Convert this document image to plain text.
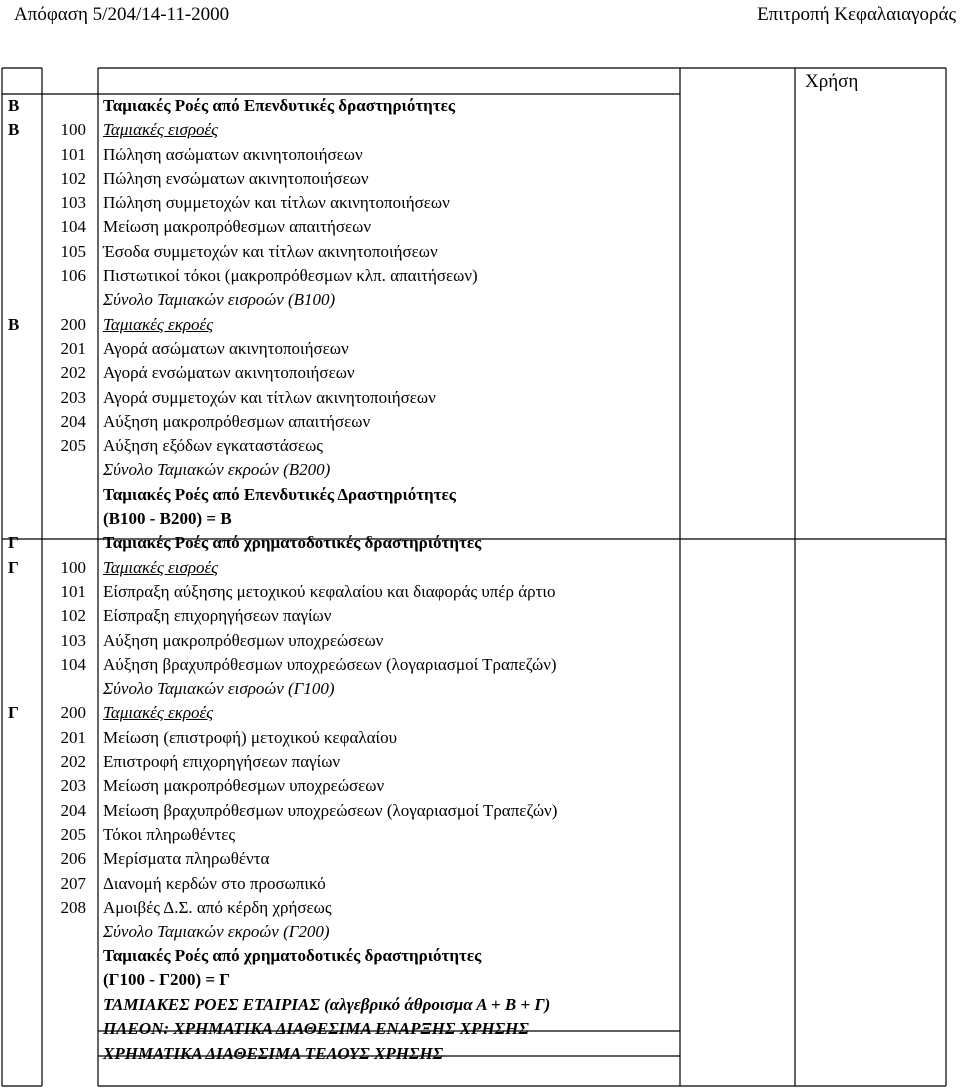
Απόφαση 5/204/14-11-2000	Επιτροπή Κεφαλαιαγοράς
Χρήση
Β	Ταμιακές Ροές από Επενδυτικές δραστηριότητες
Β	100 Ταμιακές εισροές
101 Πώληση ασώματων ακινητοποιήσεων
102 Πώληση ενσώματων ακινητοποιήσεων
103 Πώληση συμμετοχών και τίτλων ακινητοποιήσεων
104 Μείωση μακροπρόθεσμων απαιτήσεων
105 Έσοδα συμμετοχών και τίτλων ακινητοποιήσεων
106 Πιστωτικοί τόκοι (μακροπρόθεσμων κλπ. απαιτήσεων)
Σύνολο Ταμιακών εισροών (Β100)
Β	200 Ταμιακές εκροές
201 Αγορά ασώματων ακινητοποιήσεων
202 Αγορά ενσώματων ακινητοποιήσεων
203 Αγορά συμμετοχών και τίτλων ακινητοποιήσεων
204 Αύξηση μακροπρόθεσμων απαιτήσεων
205 Αύξηση εξόδων εγκαταστάσεως
Σύνολο Ταμιακών εκροών (Β200)
Ταμιακές Ροές από Επενδυτικές Δραστηριότητες
(Β100 - Β200) = Β
Γ	Ταμιακές Ροές από χρηματοδοτικές δραστηριότητες
Γ	100 Ταμιακές εισροές
101 Είσπραξη αύξησης μετοχικού κεφαλαίου και διαφοράς υπέρ άρτιο
102 Είσπραξη επιχορηγήσεων παγίων
103 Αύξηση μακροπρόθεσμων υποχρεώσεων
104 Αύξηση βραχυπρόθεσμων υποχρεώσεων (λογαριασμοί Τραπεζών)
Σύνολο Ταμιακών εισροών (Γ100)
Γ	200 Ταμιακές εκροές
201 Μείωση (επιστροφή) μετοχικού κεφαλαίου
202 Επιστροφή επιχορηγήσεων παγίων
203 Μείωση μακροπρόθεσμων υποχρεώσεων
204 Μείωση βραχυπρόθεσμων υποχρεώσεων (λογαριασμοί Τραπεζών)
205 Τόκοι πληρωθέντες
206 Μερίσματα πληρωθέντα
207 Διανομή κερδών στο προσωπικό
208 Αμοιβές Δ.Σ. από κέρδη χρήσεως
Σύνολο Ταμιακών εκροών (Γ200)
Ταμιακές Ροές από χρηματοδοτικές δραστηριότητες
(Γ100 - Γ200) = Γ
ΤΑΜΙΑΚΕΣ ΡΟΕΣ ΕΤΑΙΡΙΑΣ (αλγεβρικό άθροισμα Α + Β + Γ)
ΠΛΕΟΝ: ΧΡΗΜΑΤΙΚΑ ΔΙΑΘΕΣΙΜΑ ΕΝΑΡΞΗΣ ΧΡΗΣΗΣ
ΧΡΗΜΑΤΙΚΑ ΔΙΑΘΕΣΙΜΑ ΤΕΛΟΥΣ ΧΡΗΣΗΣ
